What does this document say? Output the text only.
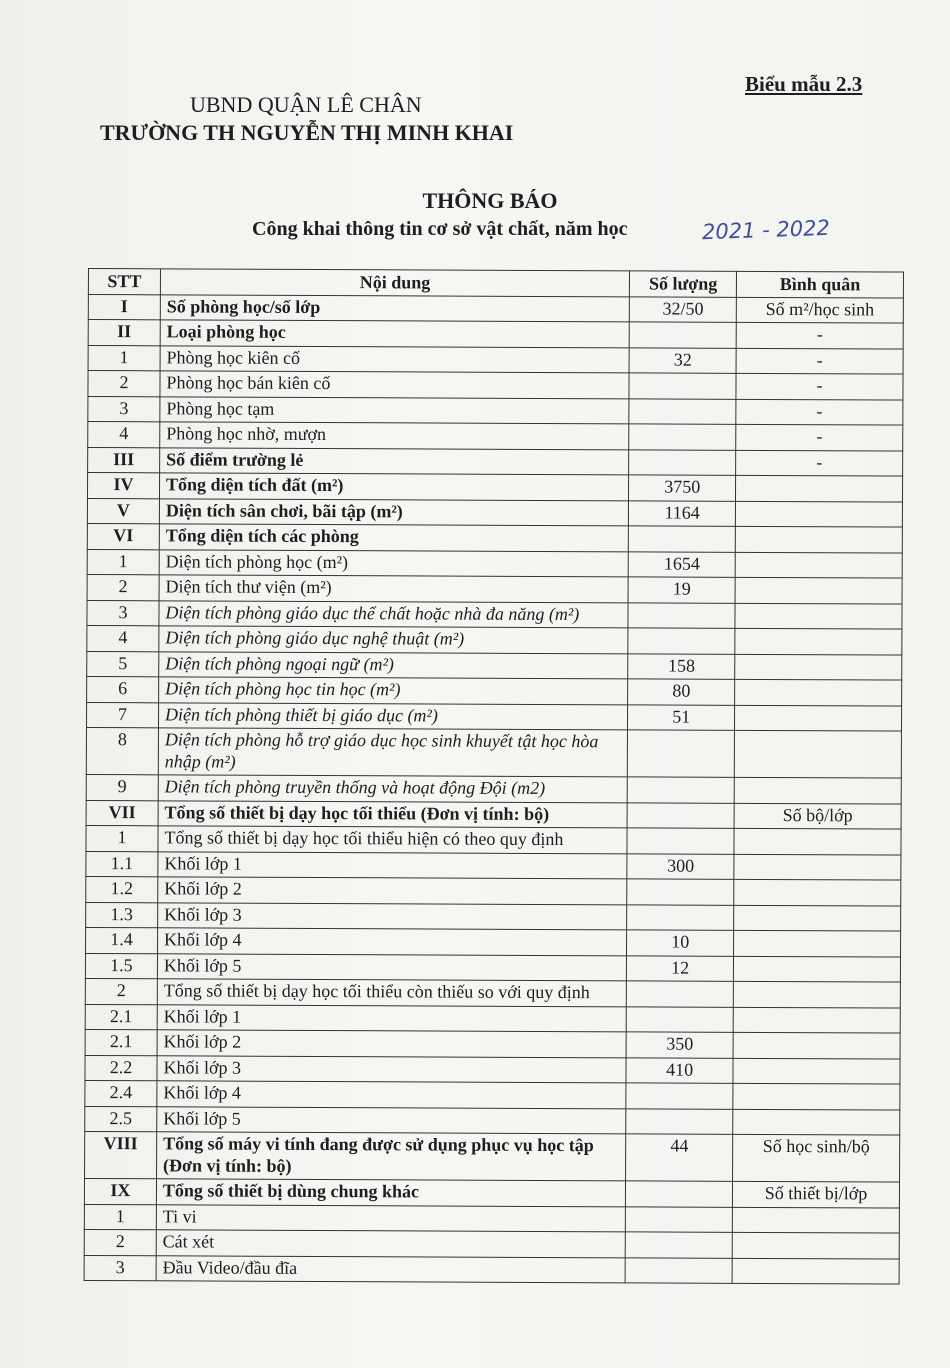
Biểu mẫu 2.3
UBND QUẬN LÊ CHÂN
TRƯỜNG TH NGUYỄN THỊ MINH KHAI
THÔNG BÁO
Công khai thông tin cơ sở vật chất, năm học	2021 - 2022
STT	Nội dung	Số lượng	Bình quân
I	Số phòng học/số lớp	32/50	Số m²/học sinh
II	Loại phòng học		-
1	Phòng học kiên cố	32	-
2	Phòng học bán kiên cố		-
3	Phòng học tạm		-
4	Phòng học nhờ, mượn		-
III	Số điểm trường lẻ		-
IV	Tổng diện tích đất (m²)	3750	
V	Diện tích sân chơi, bãi tập (m²)	1164	
VI	Tổng diện tích các phòng		
1	Diện tích phòng học (m²)	1654	
2	Diện tích thư viện (m²)	19	
3	Diện tích phòng giáo dục thể chất hoặc nhà đa năng (m²)		
4	Diện tích phòng giáo dục nghệ thuật (m²)		
5	Diện tích phòng ngoại ngữ (m²)	158	
6	Diện tích phòng học tin học (m²)	80	
7	Diện tích phòng thiết bị giáo dục (m²)	51	
8	Diện tích phòng hỗ trợ giáo dục học sinh khuyết tật học hòa nhập (m²)		
9	Diện tích phòng truyền thống và hoạt động Đội (m2)		
VII	Tổng số thiết bị dạy học tối thiểu (Đơn vị tính: bộ)		Số bộ/lớp
1	Tổng số thiết bị dạy học tối thiểu hiện có theo quy định		
1.1	Khối lớp 1	300	
1.2	Khối lớp 2		
1.3	Khối lớp 3		
1.4	Khối lớp 4	10	
1.5	Khối lớp 5	12	
2	Tổng số thiết bị dạy học tối thiểu còn thiếu so với quy định		
2.1	Khối lớp 1		
2.1	Khối lớp 2	350	
2.2	Khối lớp 3	410	
2.4	Khối lớp 4		
2.5	Khối lớp 5		
VIII	Tổng số máy vi tính đang được sử dụng phục vụ học tập (Đơn vị tính: bộ)	44	Số học sinh/bộ
IX	Tổng số thiết bị dùng chung khác		Số thiết bị/lớp
1	Ti vi		
2	Cát xét		
3	Đầu Video/đầu đĩa		
